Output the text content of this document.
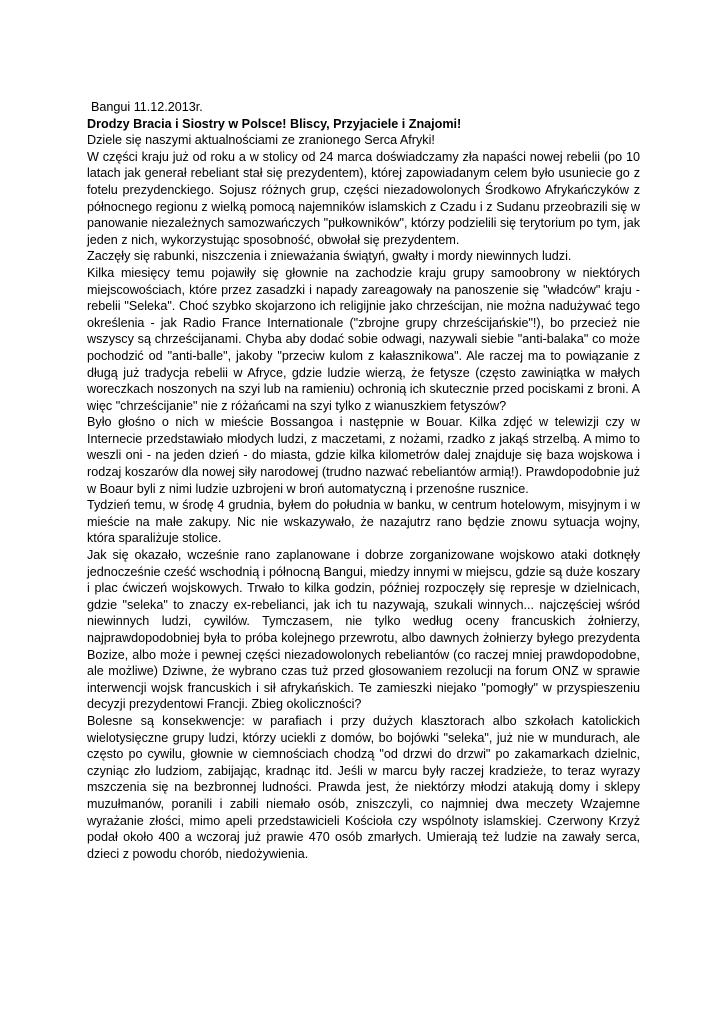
Bangui 11.12.2013r.

Drodzy Bracia i Siostry w Polsce! Bliscy, Przyjaciele i Znajomi!

Dziele się naszymi aktualnościami ze zranionego Serca Afryki!

W części kraju już od roku a w stolicy od 24 marca doświadczamy zła napaści nowej rebelii (po 10 latach jak generał rebeliant stał się prezydentem), której zapowiadanym celem było usuniecie go z fotelu prezydenckiego. Sojusz różnych grup, części niezadowolonych Środkowo Afrykańczyków z północnego regionu z wielką pomocą najemników islamskich z Czadu i z Sudanu przeobrazili się w panowanie niezależnych samozwańczych "pułkowników", którzy podzielili się terytorium po tym, jak jeden z nich, wykorzystując sposobność, obwołał się prezydentem.

Zaczęły się rabunki, niszczenia i znieważania świątyń, gwałty i mordy niewinnych ludzi.

Kilka miesięcy temu pojawiły się głownie na zachodzie kraju grupy samoobrony w niektórych miejscowościach, które przez zasadzki i napady zareagowały na panoszenie się "władców" kraju - rebelii "Seleka". Choć szybko skojarzono ich religijnie jako chrześcijan, nie można nadużywać tego określenia - jak Radio France Internationale ("zbrojne grupy chrześcijańskie"!), bo przecież nie wszyscy są chrześcijanami. Chyba aby dodać sobie odwagi, nazywali siebie "anti-balaka" co może pochodzić od "anti-balle", jakoby "przeciw kulom z kałasznikowa". Ale raczej ma to powiązanie z długą już tradycja rebelii w Afryce, gdzie ludzie wierzą, że fetysze (często zawiniątka w małych woreczkach noszonych na szyi lub na ramieniu) ochronią ich skutecznie przed pociskami z broni. A więc "chrześcijanie" nie z różańcami na szyi tylko z wianuszkiem fetyszów?

Było głośno o nich w mieście Bossangoa i następnie w Bouar. Kilka zdjęć w telewizji czy w Internecie przedstawiało młodych ludzi, z maczetami, z nożami, rzadko z jakąś strzelbą. A mimo to weszli oni - na jeden dzień - do miasta, gdzie kilka kilometrów dalej znajduje się baza wojskowa i rodzaj koszarów dla nowej siły narodowej (trudno nazwać rebeliantów armią!). Prawdopodobnie już w Boaur byli z nimi ludzie uzbrojeni w broń automatyczną i przenośne rusznice.

Tydzień temu, w środę 4 grudnia, byłem do południa w banku, w centrum hotelowym, misyjnym i w mieście na małe zakupy. Nic nie wskazywało, że nazajutrz rano będzie znowu sytuacja wojny, która sparaliżuje stolice.

Jak się okazało, wcześnie rano zaplanowane i dobrze zorganizowane wojskowo ataki dotknęły jednocześnie cześć wschodnią i północną Bangui, miedzy innymi w miejscu, gdzie są duże koszary i plac ćwiczeń wojskowych. Trwało to kilka godzin, później rozpoczęły się represje w dzielnicach, gdzie "seleka" to znaczy ex-rebelianci, jak ich tu nazywają, szukali winnych... najczęściej wśród niewinnych ludzi, cywilów. Tymczasem, nie tylko według oceny francuskich żołnierzy, najprawdopodobniej była to próba kolejnego przewrotu, albo dawnych żołnierzy byłego prezydenta Bozize, albo może i pewnej części niezadowolonych rebeliantów (co raczej mniej prawdopodobne, ale możliwe) Dziwne, że wybrano czas tuż przed głosowaniem rezolucji na forum ONZ w sprawie interwencji wojsk francuskich i sił afrykańskich. Te zamieszki niejako "pomogły" w przyspieszeniu decyzji prezydentowi Francji. Zbieg okoliczności?

Bolesne są konsekwencje: w parafiach i przy dużych klasztorach albo szkołach katolickich wielotysięczne grupy ludzi, którzy uciekli z domów, bo bojówki "seleka", już nie w mundurach, ale często po cywilu, głownie w ciemnościach chodzą "od drzwi do drzwi" po zakamarkach dzielnic, czyniąc zło ludziom, zabijając, kradnąc itd. Jeśli w marcu były raczej kradzieże, to teraz wyrazy mszczenia się na bezbronnej ludności. Prawda jest, że niektórzy młodzi atakują domy i sklepy muzułmanów, poranili i zabili niemało osób, zniszczyli, co najmniej dwa meczety Wzajemne wyrażanie złości, mimo apeli przedstawicieli Kościoła czy wspólnoty islamskiej. Czerwony Krzyż podał około 400 a wczoraj już prawie 470 osób zmarłych. Umierają też ludzie na zawały serca, dzieci z powodu chorób, niedożywienia.
